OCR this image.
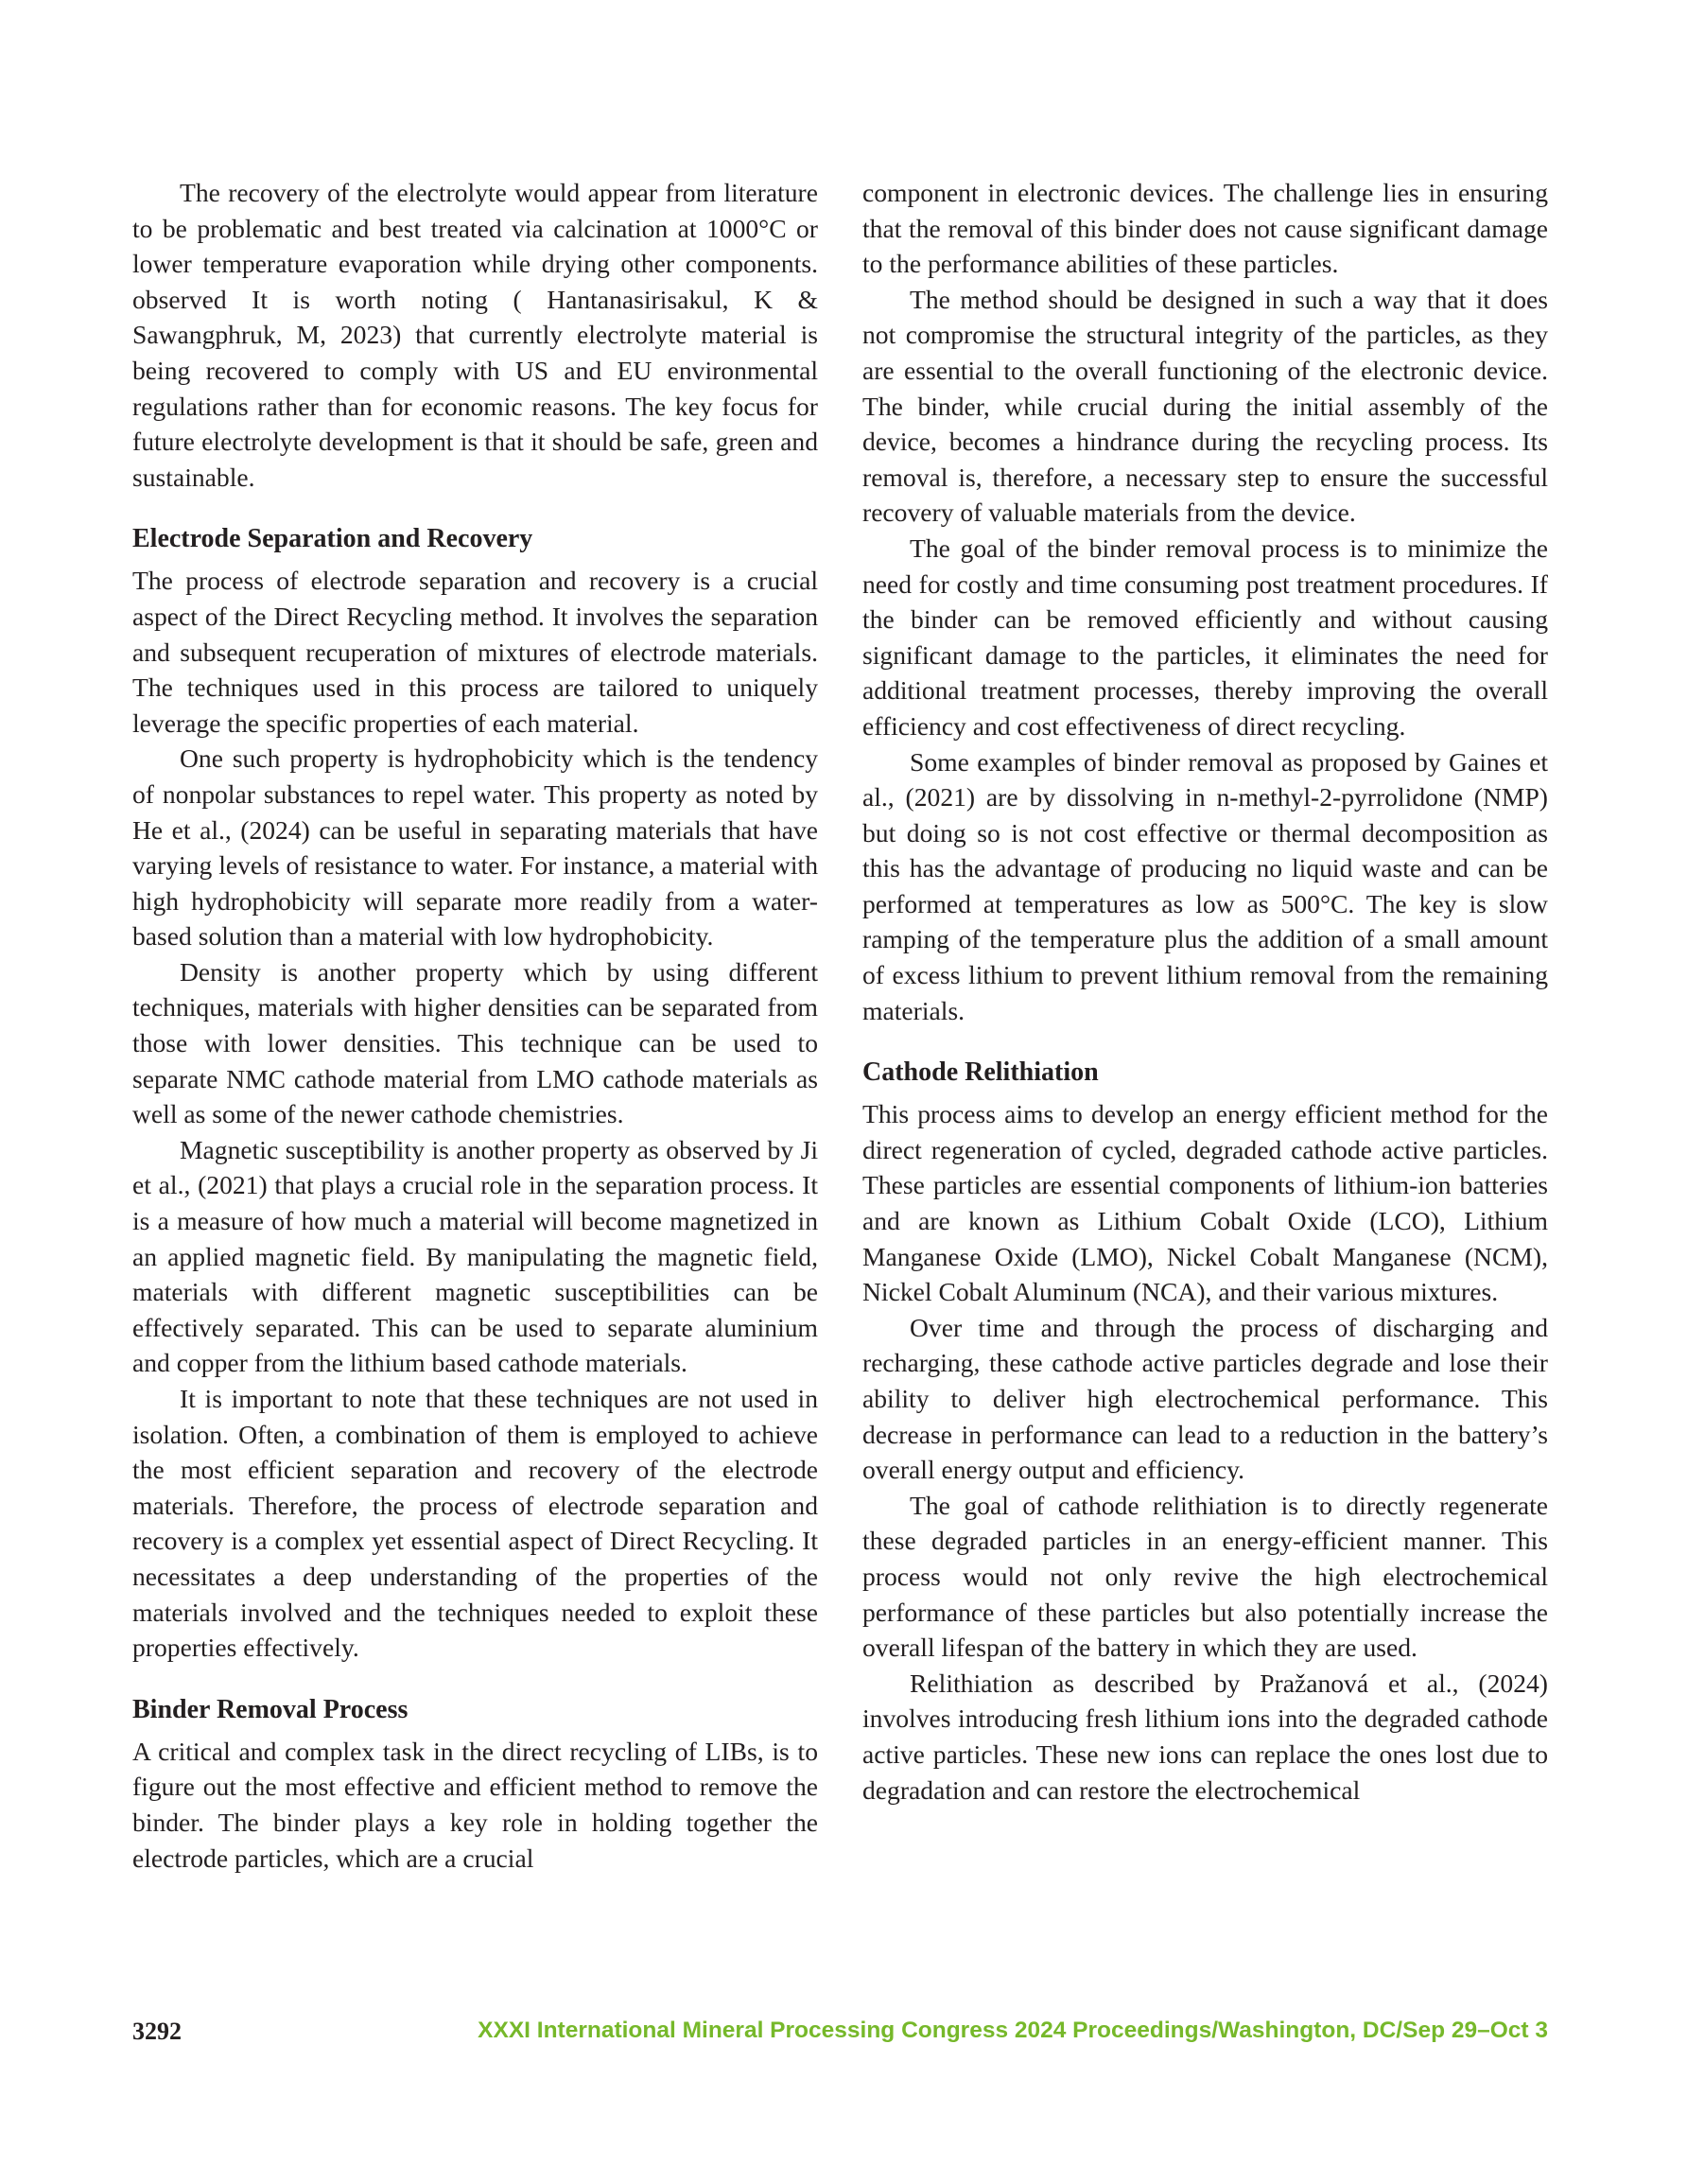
The recovery of the electrolyte would appear from literature to be problematic and best treated via calcination at 1000°C or lower temperature evaporation while drying other components. observed It is worth noting ( Hantanasirisakul, K & Sawangphruk, M, 2023) that currently electrolyte material is being recovered to comply with US and EU environmental regulations rather than for economic reasons. The key focus for future electrolyte development is that it should be safe, green and sustainable.

Electrode Separation and Recovery

The process of electrode separation and recovery is a crucial aspect of the Direct Recycling method. It involves the separation and subsequent recuperation of mixtures of electrode materials. The techniques used in this process are tailored to uniquely leverage the specific properties of each material.

One such property is hydrophobicity which is the tendency of nonpolar substances to repel water. This property as noted by He et al., (2024) can be useful in separating materials that have varying levels of resistance to water. For instance, a material with high hydrophobicity will separate more readily from a water-based solution than a material with low hydrophobicity.

Density is another property which by using different techniques, materials with higher densities can be separated from those with lower densities. This technique can be used to separate NMC cathode material from LMO cathode materials as well as some of the newer cathode chemistries.

Magnetic susceptibility is another property as observed by Ji et al., (2021) that plays a crucial role in the separation process. It is a measure of how much a material will become magnetized in an applied magnetic field. By manipulating the magnetic field, materials with different magnetic susceptibilities can be effectively separated. This can be used to separate aluminium and copper from the lithium based cathode materials.

It is important to note that these techniques are not used in isolation. Often, a combination of them is employed to achieve the most efficient separation and recovery of the electrode materials. Therefore, the process of electrode separation and recovery is a complex yet essential aspect of Direct Recycling. It necessitates a deep understanding of the properties of the materials involved and the techniques needed to exploit these properties effectively.

Binder Removal Process

A critical and complex task in the direct recycling of LIBs, is to figure out the most effective and efficient method to remove the binder. The binder plays a key role in holding together the electrode particles, which are a crucial

component in electronic devices. The challenge lies in ensuring that the removal of this binder does not cause significant damage to the performance abilities of these particles.

The method should be designed in such a way that it does not compromise the structural integrity of the particles, as they are essential to the overall functioning of the electronic device. The binder, while crucial during the initial assembly of the device, becomes a hindrance during the recycling process. Its removal is, therefore, a necessary step to ensure the successful recovery of valuable materials from the device.

The goal of the binder removal process is to minimize the need for costly and time consuming post treatment procedures. If the binder can be removed efficiently and without causing significant damage to the particles, it eliminates the need for additional treatment processes, thereby improving the overall efficiency and cost effectiveness of direct recycling.

Some examples of binder removal as proposed by Gaines et al., (2021) are by dissolving in n-methyl-2-pyrrolidone (NMP) but doing so is not cost effective or thermal decomposition as this has the advantage of producing no liquid waste and can be performed at temperatures as low as 500°C. The key is slow ramping of the temperature plus the addition of a small amount of excess lithium to prevent lithium removal from the remaining materials.

Cathode Relithiation

This process aims to develop an energy efficient method for the direct regeneration of cycled, degraded cathode active particles. These particles are essential components of lithium-ion batteries and are known as Lithium Cobalt Oxide (LCO), Lithium Manganese Oxide (LMO), Nickel Cobalt Manganese (NCM), Nickel Cobalt Aluminum (NCA), and their various mixtures.

Over time and through the process of discharging and recharging, these cathode active particles degrade and lose their ability to deliver high electrochemical performance. This decrease in performance can lead to a reduction in the battery’s overall energy output and efficiency.

The goal of cathode relithiation is to directly regenerate these degraded particles in an energy-efficient manner. This process would not only revive the high electrochemical performance of these particles but also potentially increase the overall lifespan of the battery in which they are used.

Relithiation as described by Pražanová et al., (2024) involves introducing fresh lithium ions into the degraded cathode active particles. These new ions can replace the ones lost due to degradation and can restore the electrochemical

3292	XXXI International Mineral Processing Congress 2024 Proceedings/Washington, DC/Sep 29–Oct 3
